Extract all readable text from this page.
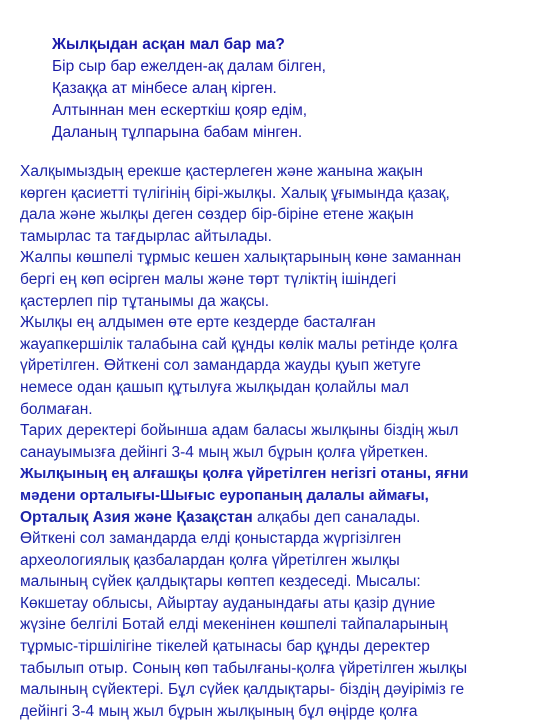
Жылқыдан асқан мал бар ма?
Бір сыр бар ежелден-ақ далам білген,
Қазаққа ат мінбесе алаң кірген.
Алтыннан мен ескерткіш қояр едім,
Даланың тұлпарына бабам мінген.
Халқымыздың ерекше қастерлеген және жанына жақын
көрген қасиетті түлігінің бірі-жылқы. Халық ұғымында қазақ,
дала және жылқы деген сөздер бір-біріне етене жақын
тамырлас та тағдырлас айтылады.
Жалпы көшпелі тұрмыс кешен халықтарының көне заманнан
бергі ең көп өсірген малы және төрт түліктің ішіндегі
қастерлеп пір тұтанымы да жақсы.
Жылқы ең алдымен өте ерте кездерде басталған
жауапкершілік талабына сай құнды көлік малы ретінде қолға
үйретілген. Өйткені сол замандарда жауды қуып жетуге
немесе одан қашып құтылуға жылқыдан қолайлы мал
болмаған.
Тарих деректері бойынша адам баласы жылқыны біздің жыл
санауымызға дейінгі 3-4 мың жыл бұрын қолға үйреткен.
Жылқының ең алғашқы қолға үйретілген негізгі отаны, яғни
мәдени орталығы-Шығыс еуропаның далалы аймағы,
Орталық Азия және Қазақстан алқабы деп саналады.
Өйткені сол замандарда елді қоныстарда жүргізілген
археологиялық қазбалардан қолға үйретілген жылқы
малының сүйек қалдықтары көптеп кездеседі. Мысалы:
Көкшетау облысы, Айыртау ауданындағы аты қазір дүние
жүзіне белгілі Ботай елді мекенінен көшпелі тайпаларының
тұрмыс-тіршілігіне тікелей қатынасы бар құнды деректер
табылып отыр. Соның көп табылғаны-қолға үйретілген жылқы
малының сүйектері. Бұл сүйек қалдықтары- біздің дәуіріміз ге
дейінгі 3-4 мың жыл бұрын жылқының бұл өңірде қолға
